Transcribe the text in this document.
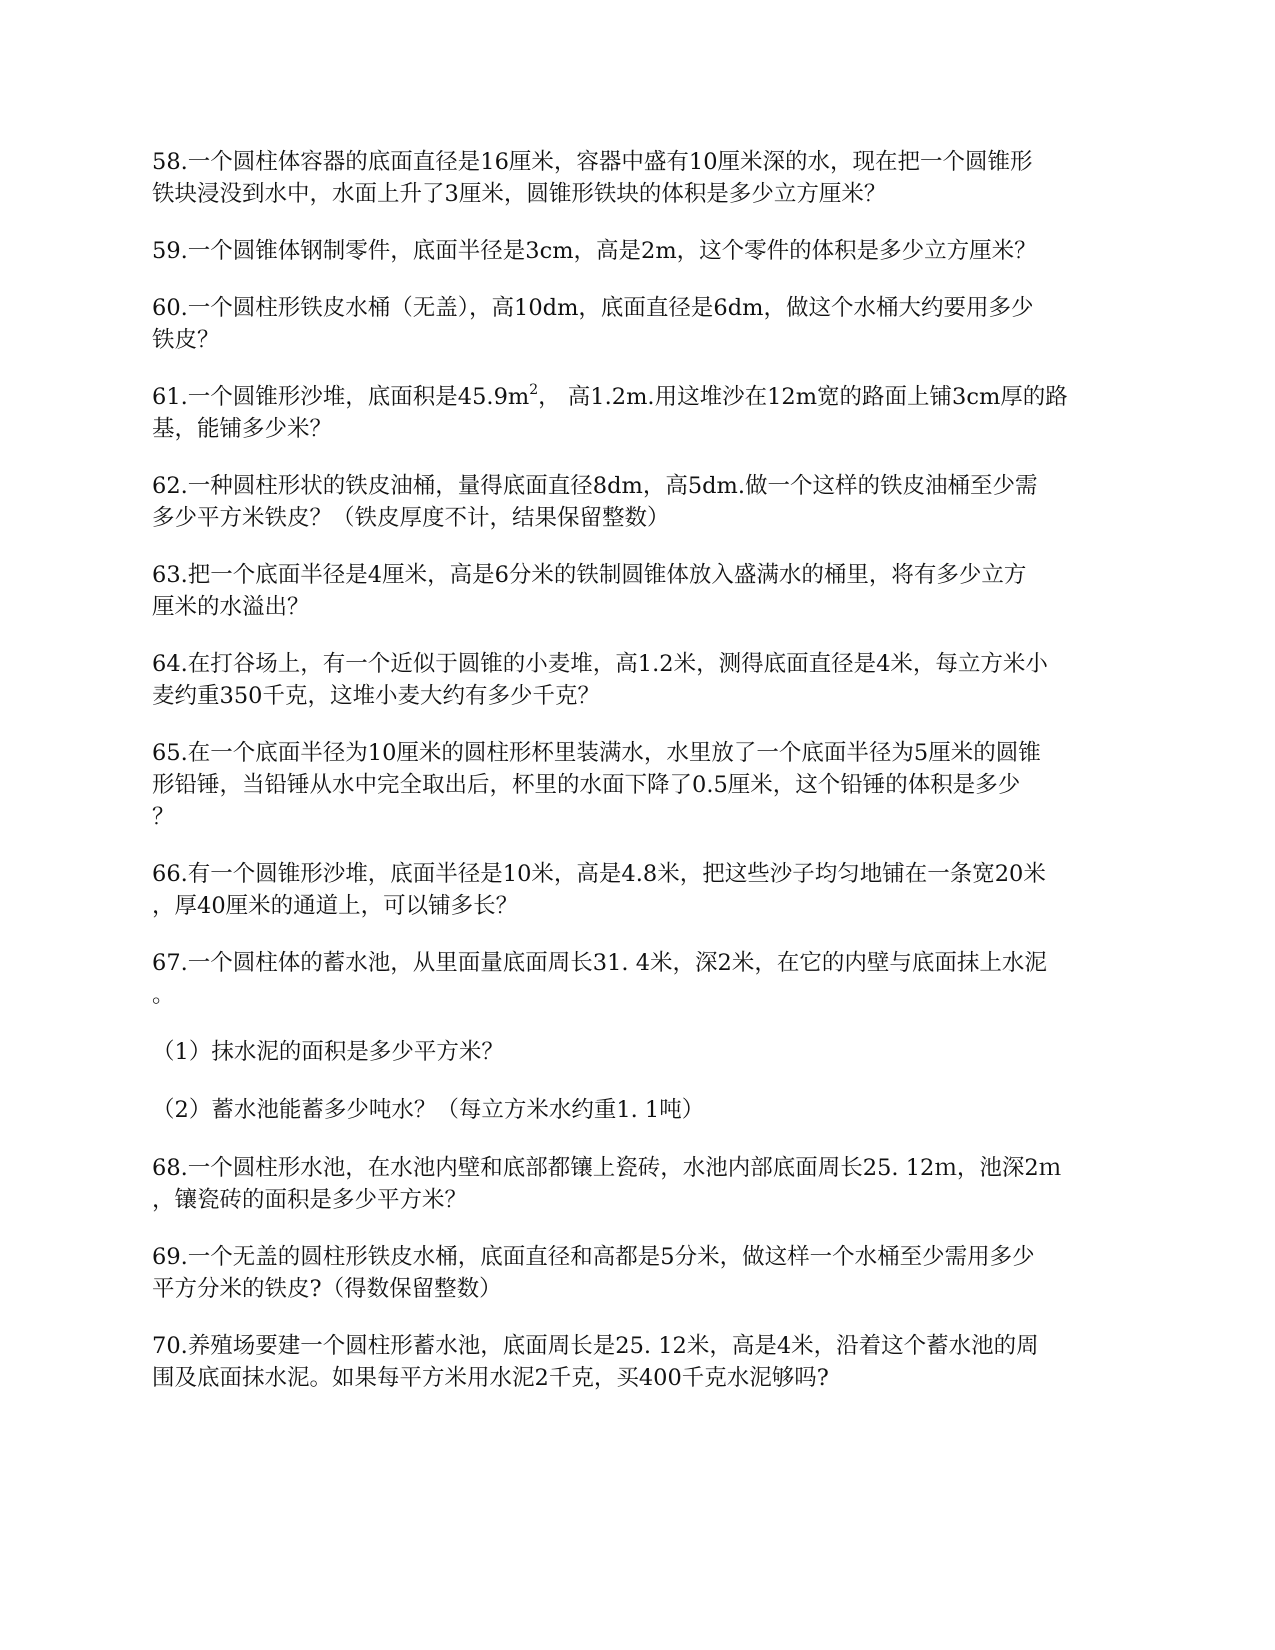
58.一个圆柱体容器的底面直径是16厘米，容器中盛有10厘米深的水，现在把一个圆锥形
铁块浸没到水中，水面上升了3厘米，圆锥形铁块的体积是多少立方厘米？

59.一个圆锥体钢制零件，底面半径是3cm，高是2m，这个零件的体积是多少立方厘米？

60.一个圆柱形铁皮水桶（无盖），高10dm，底面直径是6dm，做这个水桶大约要用多少
铁皮？

61.一个圆锥形沙堆，底面积是$45.9m^2$， 高1.2m.用这堆沙在12m宽的路面上铺3cm厚的路
基，能铺多少米？

62.一种圆柱形状的铁皮油桶，量得底面直径8dm，高5dm.做一个这样的铁皮油桶至少需
多少平方米铁皮？（铁皮厚度不计，结果保留整数）

63.把一个底面半径是4厘米，高是6分米的铁制圆锥体放入盛满水的桶里，将有多少立方
厘米的水溢出？

64.在打谷场上，有一个近似于圆锥的小麦堆，高1.2米，测得底面直径是4米，每立方米小
麦约重350千克，这堆小麦大约有多少千克？

65.在一个底面半径为10厘米的圆柱形杯里装满水，水里放了一个底面半径为5厘米的圆锥
形铅锤，当铅锤从水中完全取出后，杯里的水面下降了0.5厘米，这个铅锤的体积是多少
？

66.有一个圆锥形沙堆，底面半径是10米，高是4.8米，把这些沙子均匀地铺在一条宽20米
，厚40厘米的通道上，可以铺多长？

67.一个圆柱体的蓄水池，从里面量底面周长31. 4米，深2米，在它的内壁与底面抹上水泥
。

（1）抹水泥的面积是多少平方米？

（2）蓄水池能蓄多少吨水？（每立方米水约重1. 1吨）

68.一个圆柱形水池，在水池内壁和底部都镶上瓷砖，水池内部底面周长25. 12ｍ，池深2ｍ
，镶瓷砖的面积是多少平方米？

69.一个无盖的圆柱形铁皮水桶，底面直径和高都是5分米，做这样一个水桶至少需用多少
平方分米的铁皮?（得数保留整数）

70.养殖场要建一个圆柱形蓄水池，底面周长是25. 12米，高是4米，沿着这个蓄水池的周
围及底面抹水泥。如果每平方米用水泥2千克，买400千克水泥够吗?
